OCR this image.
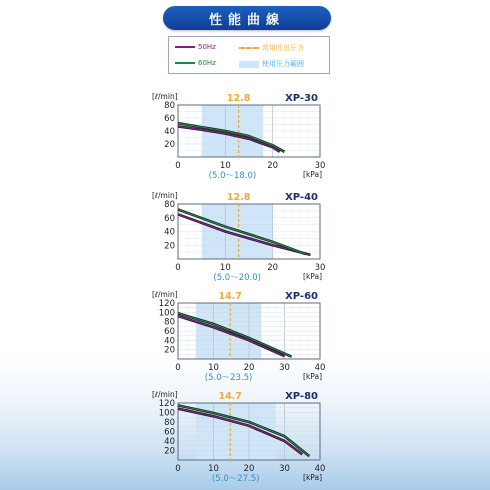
性能曲線
50Hz	常用吐出圧力
60Hz	使用圧力範囲
20
40
60
80
0	10	20	30
[ℓ/min]
[kPa]
XP-30
12.8
(5.0〜18.0)
20
40
60
80
0	10	20	30
[ℓ/min]
[kPa]
XP-40
12.8
(5.0〜20.0)
20
40
60
80
100
120
0	10	20	30	40
[ℓ/min]
[kPa]
XP-60
14.7
(5.0〜23.5)
20
40
60
80
100
120
0	10	20	30	40
[ℓ/min]
[kPa]
XP-80
14.7
(5.0〜27.5)
